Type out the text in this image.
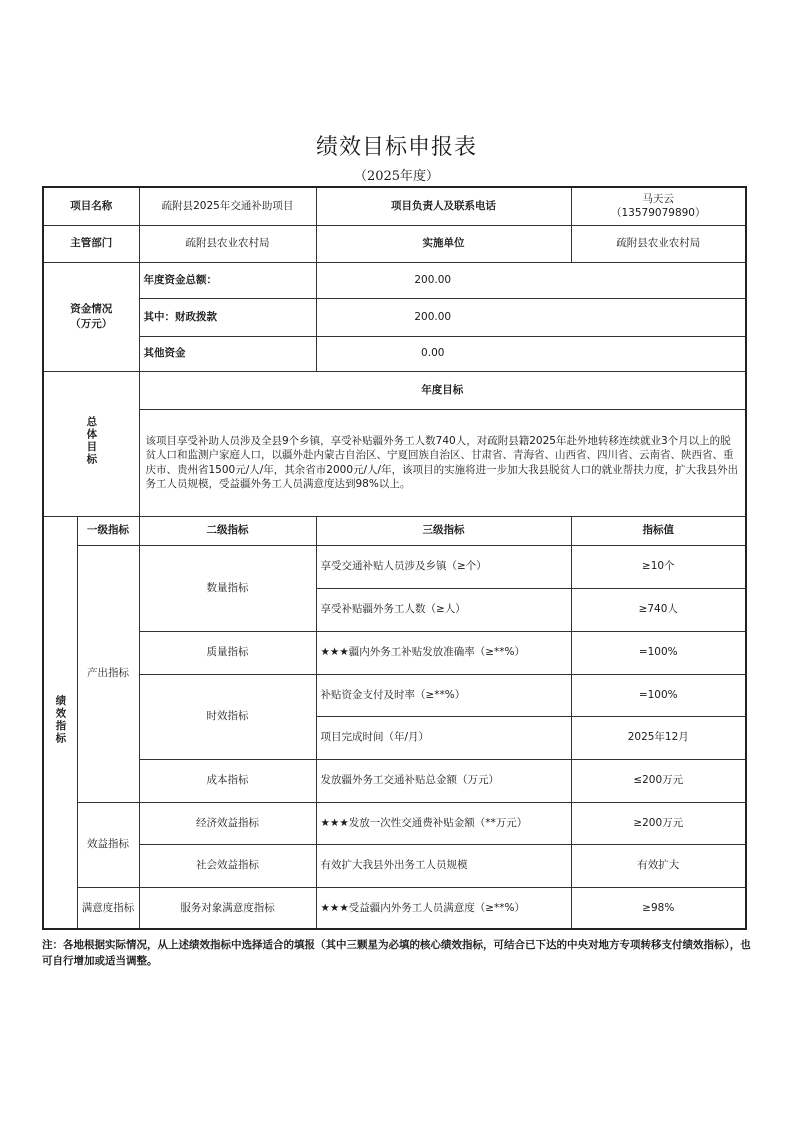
绩效目标申报表
（2025年度）
项目名称		疏附县2025年交通补助项目	项目负责人及联系电话	马天云
（13579079890）

主管部门		疏附县农业农村局	实施单位	疏附县农业农村局

资金情况
（万元）		年度资金总额：	200.00	
		其中：财政拨款	200.00	
		其他资金	0.00	
总体目标		年度目标		
		该项目享受补助人员涉及全县9个乡镇，享受补贴疆外务工人数740人，对疏附县籍2025年赴外地转移连续就业3个月以上的脱贫人口和监测户家庭人口，以疆外赴内蒙古自治区、宁夏回族自治区、甘肃省、青海省、山西省、四川省、云南省、陕西省、重庆市、贵州省1500元/人/年，其余省市2000元/人/年，该项目的实施将进一步加大我县脱贫人口的就业帮扶力度，扩大我县外出务工人员规模，受益疆外务工人员满意度达到98%以上。		
绩效指标	一级指标	二级指标	三级指标	指标值
	产出指标	数量指标	享受交通补贴人员涉及乡镇（≥个）	≥10个
			享受补贴疆外务工人数（≥人）	≥740人
		质量指标	★★★疆内外务工补贴发放准确率（≥**%）	=100%
		时效指标	补贴资金支付及时率（≥**%）	=100%
			项目完成时间（年/月）	2025年12月
		成本指标	发放疆外务工交通补贴总金额（万元）	≤200万元
	效益指标	经济效益指标	★★★发放一次性交通费补贴金额（**万元）	≥200万元
		社会效益指标	有效扩大我县外出务工人员规模	有效扩大
	满意度指标	服务对象满意度指标	★★★受益疆内外务工人员满意度（≥**%）	≥98%
注：各地根据实际情况，从上述绩效指标中选择适合的填报（其中三颗星为必填的核心绩效指标，可结合已下达的中央对地方专项转移支付绩效指标），也可自行增加或适当调整。
